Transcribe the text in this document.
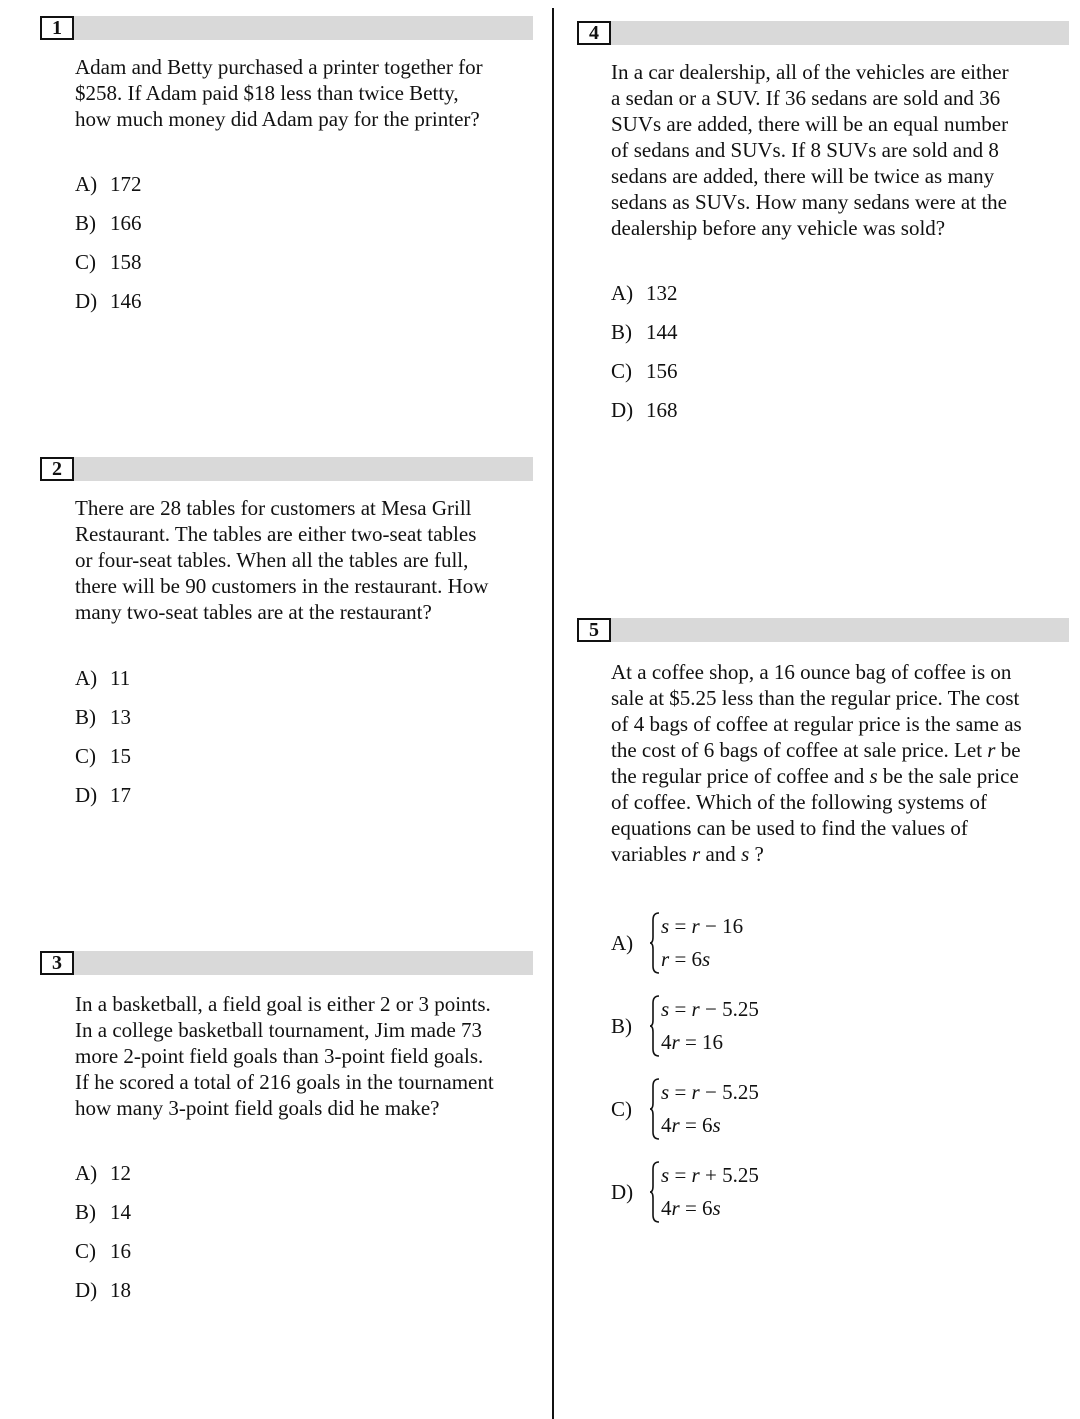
1

Adam and Betty purchased a printer together for

$258. If Adam paid $18 less than twice Betty,

how much money did Adam pay for the printer?

A) 172
B) 166
C) 158
D) 146
2

There are 28 tables for customers at Mesa Grill

Restaurant. The tables are either two-seat tables

or four-seat tables. When all the tables are full,

there will be 90 customers in the restaurant. How

many two-seat tables are at the restaurant?

A) 11
B) 13
C) 15
D) 17
3

In a basketball, a field goal is either 2 or 3 points.

In a college basketball tournament, Jim made 73

more 2-point field goals than 3-point field goals.

If he scored a total of 216 goals in the tournament

how many 3-point field goals did he make?

A) 12
B) 14
C) 16
D) 18
4

In a car dealership, all of the vehicles are either

a sedan or a SUV. If 36 sedans are sold and 36

SUVs are added, there will be an equal number

of sedans and SUVs. If 8 SUVs are sold and 8

sedans are added, there will be twice as many

sedans as SUVs. How many sedans were at the

dealership before any vehicle was sold?

A) 132
B) 144
C) 156
D) 168
5

At a coffee shop, a 16 ounce bag of coffee is on

sale at $5.25 less than the regular price. The cost

of 4 bags of coffee at regular price is the same as

the cost of 6 bags of coffee at sale price. Let r be

the regular price of coffee and s be the sale price

of coffee. Which of the following systems of

equations can be used to find the values of

variables r and s ?

A)
s = r − 16
r = 6s
B)
s = r − 5.25
4r = 16
C)
s = r − 5.25
4r = 6s
D)
s = r + 5.25
4r = 6s
